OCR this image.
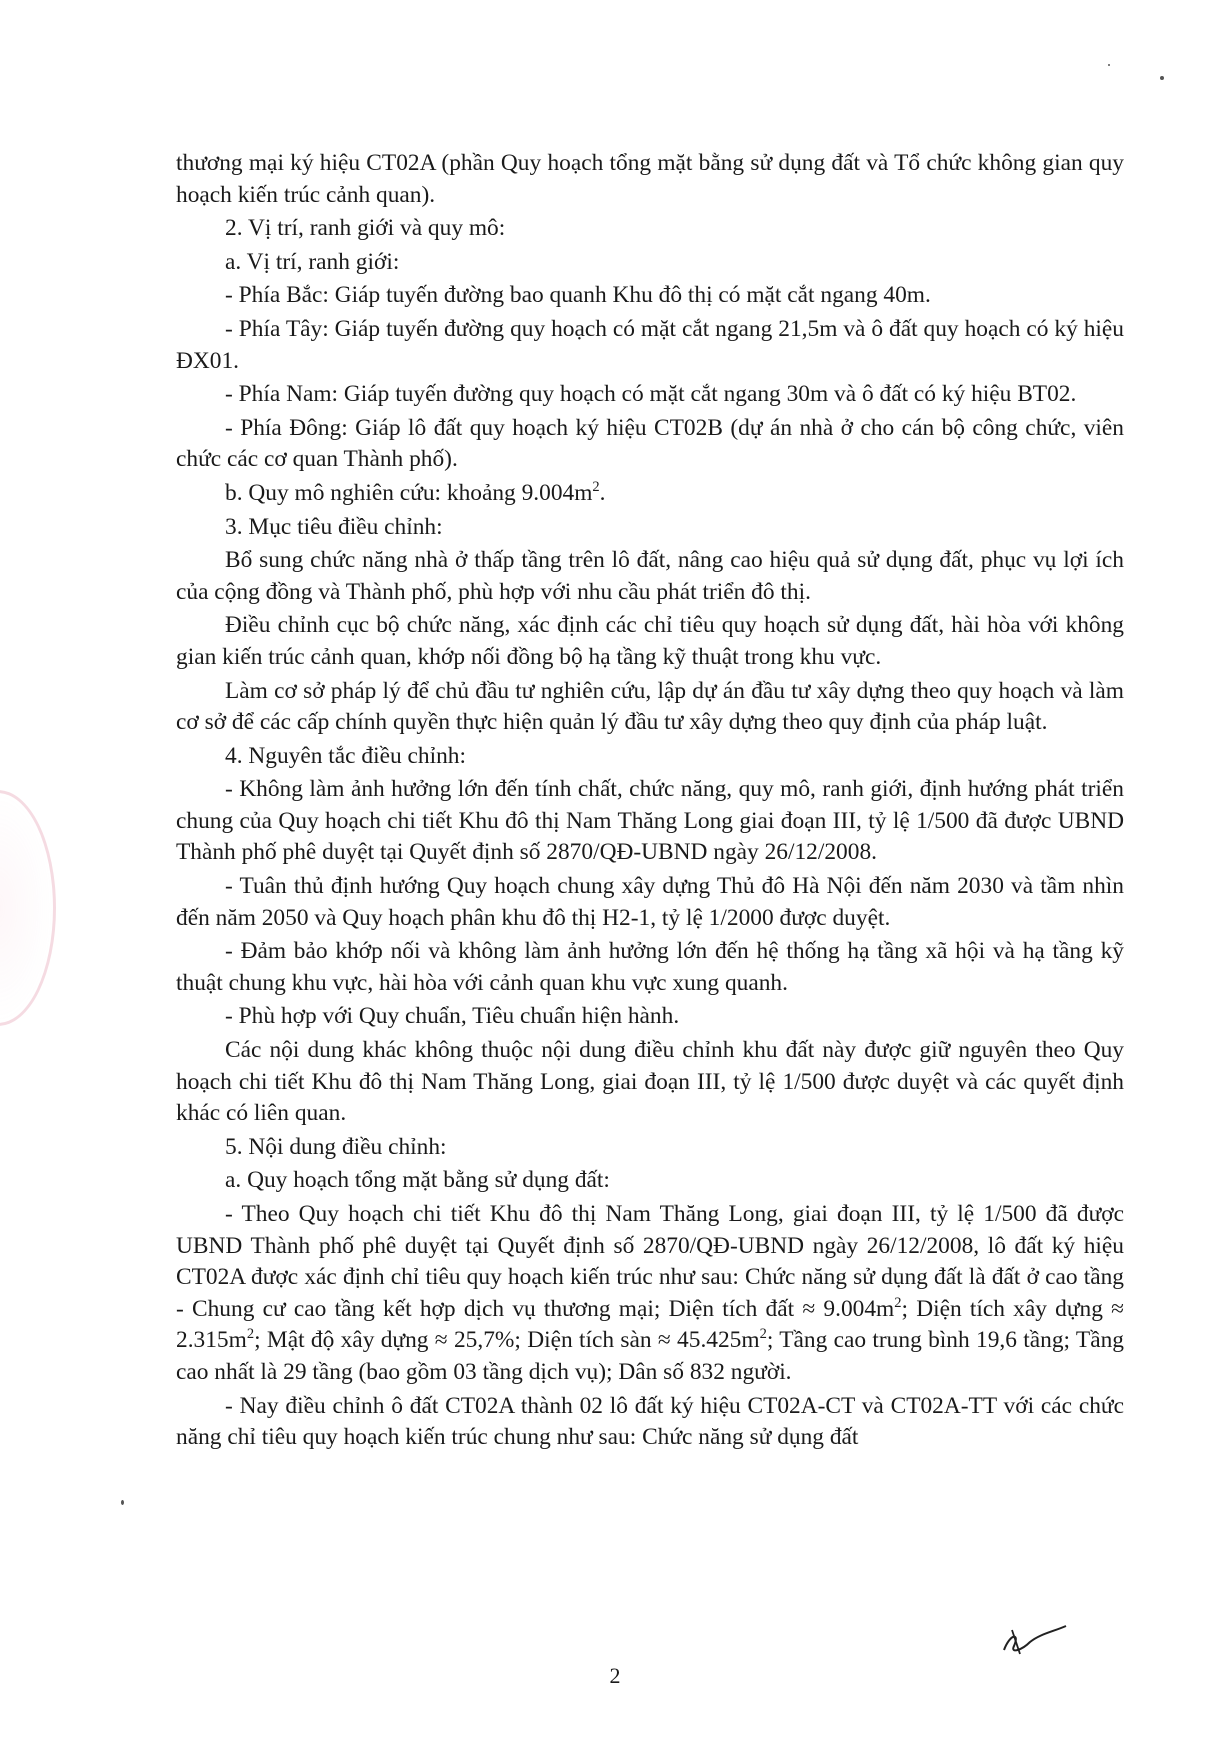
thương mại ký hiệu CT02A (phần Quy hoạch tổng mặt bằng sử dụng đất và Tổ chức không gian quy hoạch kiến trúc cảnh quan).

2. Vị trí, ranh giới và quy mô:

a. Vị trí, ranh giới:

- Phía Bắc: Giáp tuyến đường bao quanh Khu đô thị có mặt cắt ngang 40m.

- Phía Tây: Giáp tuyến đường quy hoạch có mặt cắt ngang 21,5m và ô đất quy hoạch có ký hiệu ĐX01.

- Phía Nam: Giáp tuyến đường quy hoạch có mặt cắt ngang 30m và ô đất có ký hiệu BT02.

- Phía Đông: Giáp lô đất quy hoạch ký hiệu CT02B (dự án nhà ở cho cán bộ công chức, viên chức các cơ quan Thành phố).

b. Quy mô nghiên cứu: khoảng $9.004m^2$.

3. Mục tiêu điều chỉnh:

Bổ sung chức năng nhà ở thấp tầng trên lô đất, nâng cao hiệu quả sử dụng đất, phục vụ lợi ích của cộng đồng và Thành phố, phù hợp với nhu cầu phát triển đô thị.

Điều chỉnh cục bộ chức năng, xác định các chỉ tiêu quy hoạch sử dụng đất, hài hòa với không gian kiến trúc cảnh quan, khớp nối đồng bộ hạ tầng kỹ thuật trong khu vực.

Làm cơ sở pháp lý để chủ đầu tư nghiên cứu, lập dự án đầu tư xây dựng theo quy hoạch và làm cơ sở để các cấp chính quyền thực hiện quản lý đầu tư xây dựng theo quy định của pháp luật.

4. Nguyên tắc điều chỉnh:

- Không làm ảnh hưởng lớn đến tính chất, chức năng, quy mô, ranh giới, định hướng phát triển chung của Quy hoạch chi tiết Khu đô thị Nam Thăng Long giai đoạn III, tỷ lệ 1/500 đã được UBND Thành phố phê duyệt tại Quyết định số 2870/QĐ-UBND ngày 26/12/2008.

- Tuân thủ định hướng Quy hoạch chung xây dựng Thủ đô Hà Nội đến năm 2030 và tầm nhìn đến năm 2050 và Quy hoạch phân khu đô thị H2-1, tỷ lệ 1/2000 được duyệt.

- Đảm bảo khớp nối và không làm ảnh hưởng lớn đến hệ thống hạ tầng xã hội và hạ tầng kỹ thuật chung khu vực, hài hòa với cảnh quan khu vực xung quanh.

- Phù hợp với Quy chuẩn, Tiêu chuẩn hiện hành.

Các nội dung khác không thuộc nội dung điều chỉnh khu đất này được giữ nguyên theo Quy hoạch chi tiết Khu đô thị Nam Thăng Long, giai đoạn III, tỷ lệ 1/500 được duyệt và các quyết định khác có liên quan.

5. Nội dung điều chỉnh:

a. Quy hoạch tổng mặt bằng sử dụng đất:

- Theo Quy hoạch chi tiết Khu đô thị Nam Thăng Long, giai đoạn III, tỷ lệ 1/500 đã được UBND Thành phố phê duyệt tại Quyết định số 2870/QĐ-UBND ngày 26/12/2008, lô đất ký hiệu CT02A được xác định chỉ tiêu quy hoạch kiến trúc như sau: Chức năng sử dụng đất là đất ở cao tầng - Chung cư cao tầng kết hợp dịch vụ thương mại; Diện tích đất ≈ $9.004m^2$; Diện tích xây dựng ≈ $2.315m^2$; Mật độ xây dựng ≈ 25,7%; Diện tích sàn ≈ $45.425m^2$; Tầng cao trung bình 19,6 tầng; Tầng cao nhất là 29 tầng (bao gồm 03 tầng dịch vụ); Dân số 832 người.

- Nay điều chỉnh ô đất CT02A thành 02 lô đất ký hiệu CT02A-CT và CT02A-TT với các chức năng chỉ tiêu quy hoạch kiến trúc chung như sau: Chức năng sử dụng đất

2
